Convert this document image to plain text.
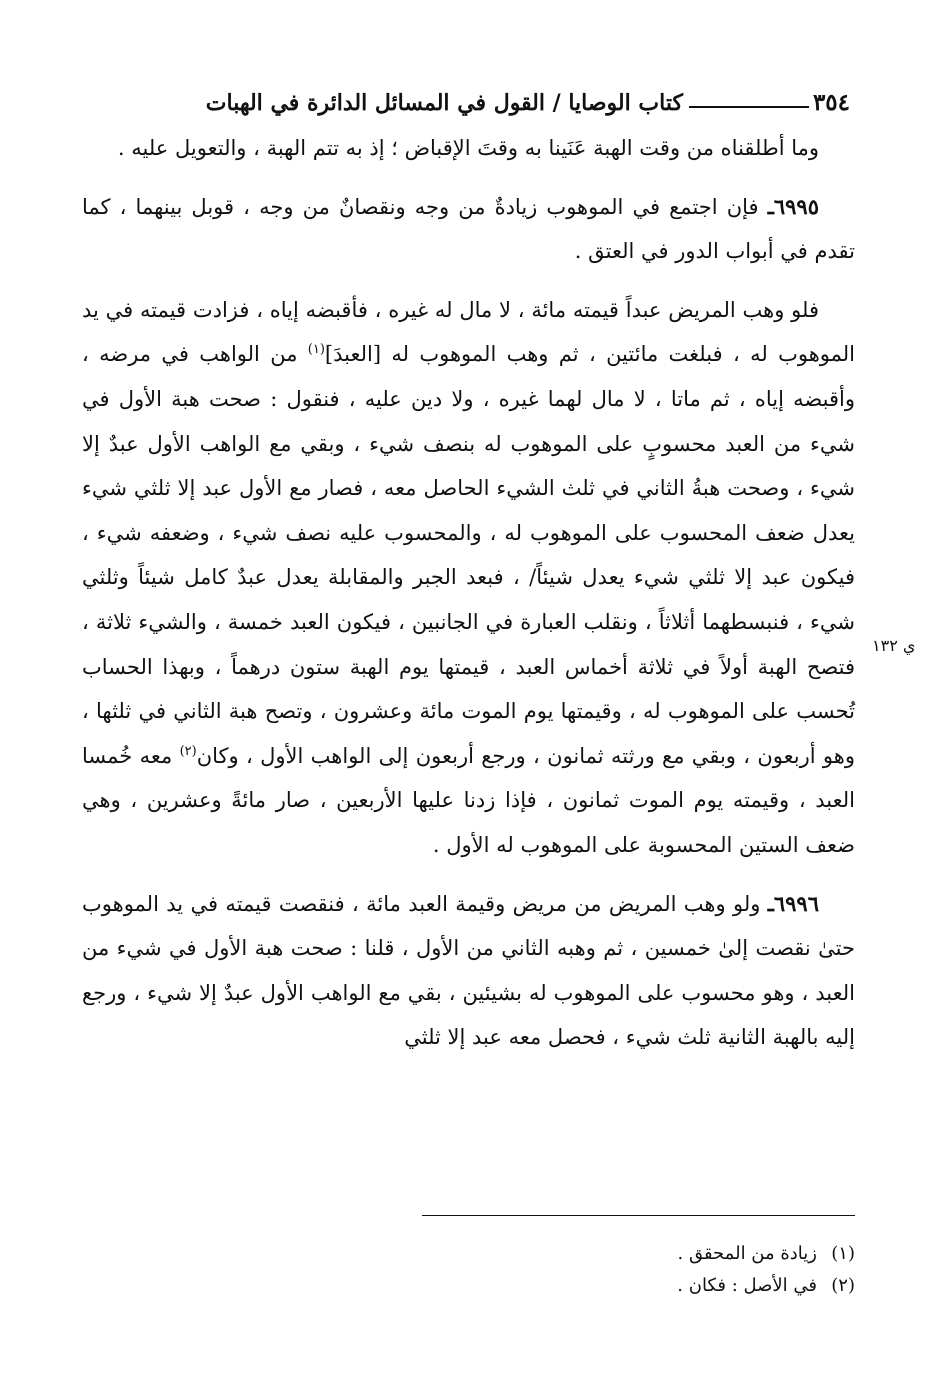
٣٥٤
كتاب الوصايا / القول في المسائل الدائرة في الهبات

وما أطلقناه من وقت الهبة عَنَينا به وقتَ الإقباض ؛ إذ به تتم الهبة ، والتعويل عليه .

٦٩٩٥ـ فإن اجتمع في الموهوب زيادةٌ من وجه ونقصانٌ من وجه ، قوبل بينهما ، كما تقدم في أبواب الدور في العتق .

فلو وهب المريض عبداً قيمته مائة ، لا مال له غيره ، فأقبضه إياه ، فزادت قيمته في يد الموهوب له ، فبلغت مائتين ، ثم وهب الموهوب له [العبدَ]$^{(١)}$ من الواهب في مرضه ، وأقبضه إياه ، ثم ماتا ، لا مال لهما غيره ، ولا دين عليه ، فنقول : صحت هبة الأول في شيء من العبد محسوبٍ على الموهوب له بنصف شيء ، وبقي مع الواهب الأول عبدٌ إلا شيء ، وصحت هبةُ الثاني في ثلث الشيء الحاصل معه ، فصار مع الأول عبد إلا ثلثي شيء يعدل ضعف المحسوب على الموهوب له ، والمحسوب عليه نصف شيء ، وضعفه شيء ، فيكون عبد إلا ثلثي شيء يعدل شيئاً/ ، فبعد الجبر والمقابلة يعدل عبدٌ كامل شيئاً وثلثي شيء ، فنبسطهما أثلاثاً ، ونقلب العبارة في الجانبين ، فيكون العبد خمسة ، والشيء ثلاثة ، فتصح الهبة أولاً في ثلاثة أخماس العبد ، قيمتها يوم الهبة ستون درهماً ، وبهذا الحساب تُحسب على الموهوب له ، وقيمتها يوم الموت مائة وعشرون ، وتصح هبة الثاني في ثلثها ، وهو أربعون ، وبقي مع ورثته ثمانون ، ورجع أربعون إلى الواهب الأول ، وكان$^{(٢)}$ معه خُمسا العبد ، وقيمته يوم الموت ثمانون ، فإذا زدنا عليها الأربعين ، صار مائةً وعشرين ، وهي ضعف الستين المحسوبة على الموهوب له الأول .

٦٩٩٦ـ ولو وهب المريض من مريض وقيمة العبد مائة ، فنقصت قيمته في يد الموهوب حتىٰ نقصت إلىٰ خمسين ، ثم وهبه الثاني من الأول ، قلنا : صحت هبة الأول في شيء من العبد ، وهو محسوب على الموهوب له بشيئين ، بقي مع الواهب الأول عبدٌ إلا شيء ، ورجع إليه بالهبة الثانية ثلث شيء ، فحصل معه عبد إلا ثلثي

ي ١٣٢
(١)
زيادة من المحقق .
(٢)
في الأصل : فكان .
